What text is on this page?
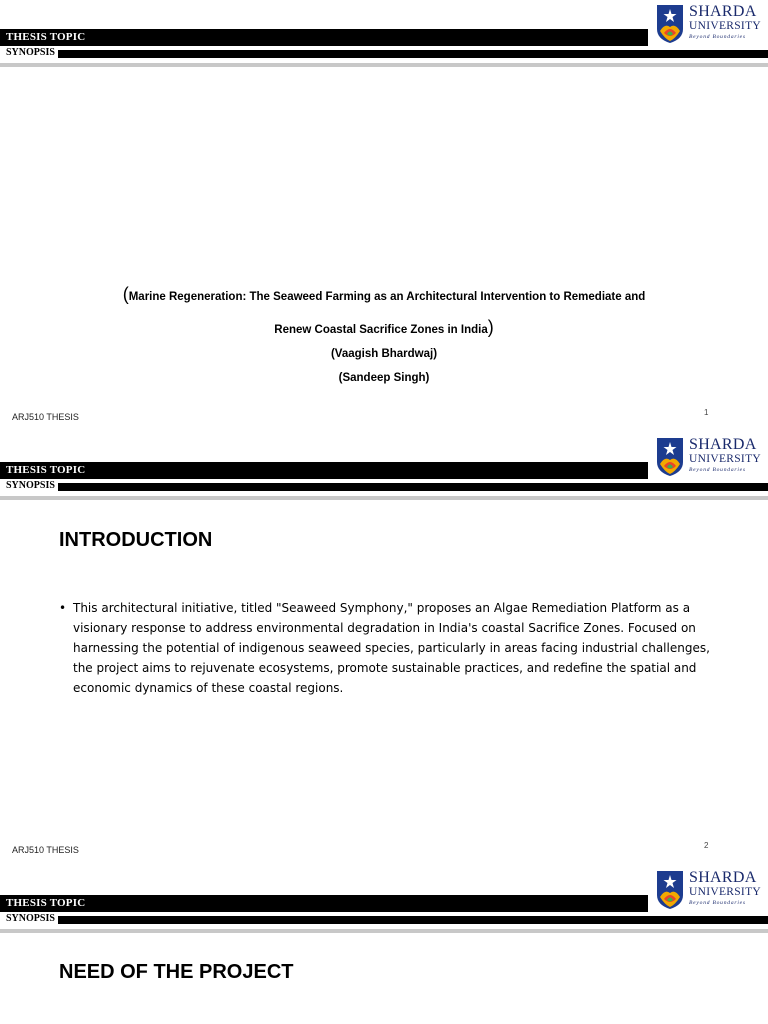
THESIS TOPIC
SYNOPSIS
SHARDA
UNIVERSITY
Beyond Boundaries
(Marine Regeneration: The Seaweed Farming as an Architectural Intervention to Remediate and
Renew Coastal Sacrifice Zones in India)
(Vaagish Bhardwaj)
(Sandeep Singh)
ARJ510 THESIS	1
THESIS TOPIC
SYNOPSIS
SHARDA
UNIVERSITY
Beyond Boundaries
INTRODUCTION
• This architectural initiative, titled "Seaweed Symphony," proposes an Algae Remediation Platform as a visionary response to address environmental degradation in India's coastal Sacrifice Zones. Focused on harnessing the potential of indigenous seaweed species, particularly in areas facing industrial challenges, the project aims to rejuvenate ecosystems, promote sustainable practices, and redefine the spatial and economic dynamics of these coastal regions.
ARJ510 THESIS	2
THESIS TOPIC
SYNOPSIS
SHARDA
UNIVERSITY
Beyond Boundaries
NEED OF THE PROJECT
